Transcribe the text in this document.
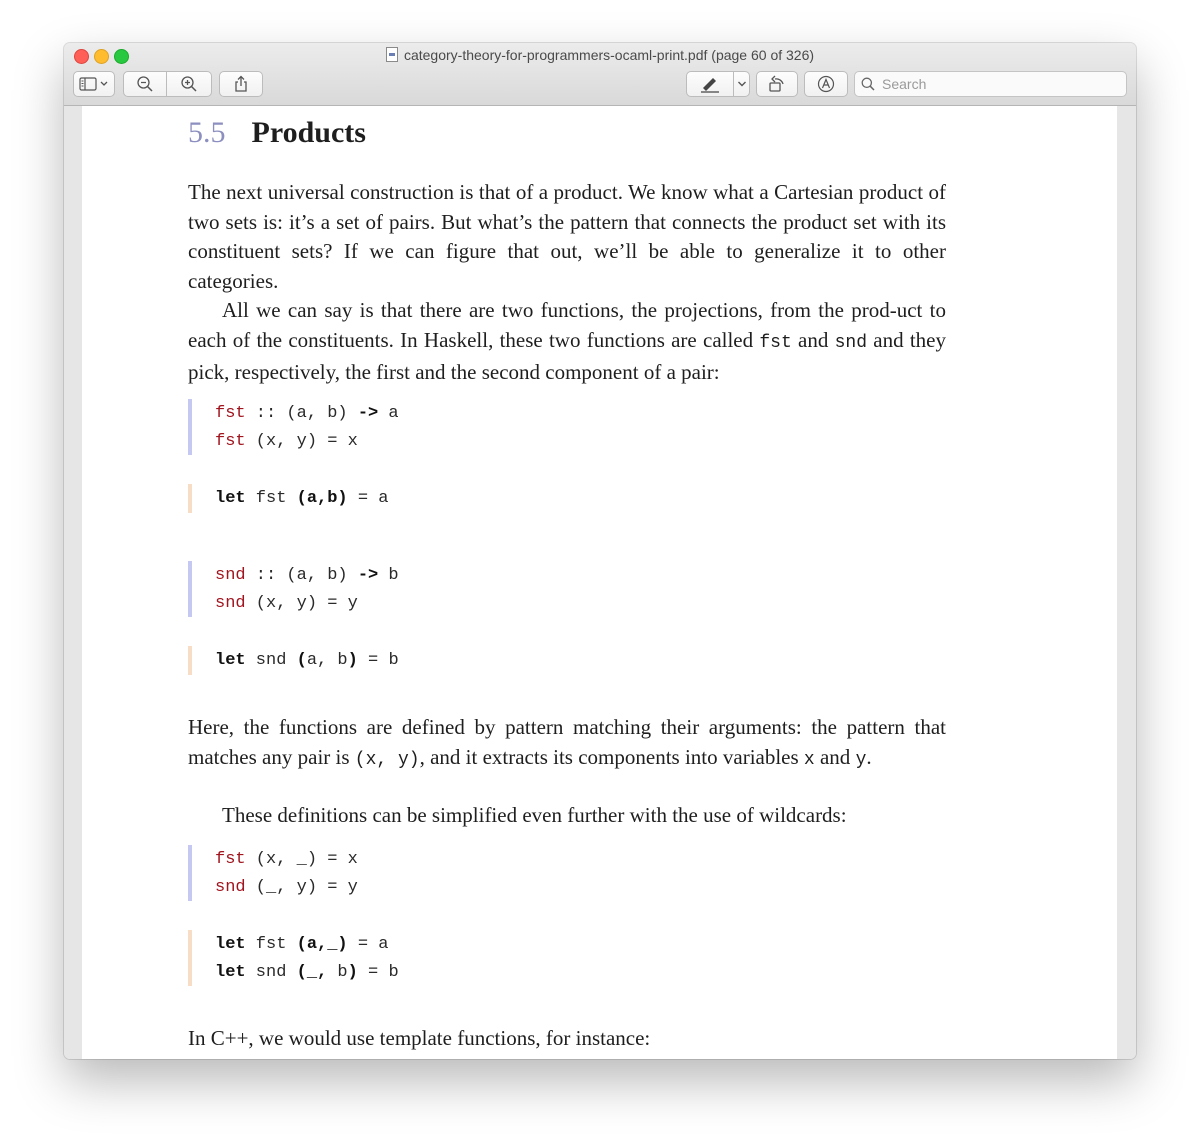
category-theory-for-programmers-ocaml-print.pdf (page 60 of 326)
Search
5.5 Products

The next universal construction is that of a product. We know what a Cartesian product of two sets is: it’s a set of pairs. But what’s the pattern that connects the product set with its constituent sets? If we can figure that out, we’ll be able to generalize it to other categories.

All we can say is that there are two functions, the projections, from the prod-uct to each of the constituents. In Haskell, these two functions are called fst and snd and they pick, respectively, the first and the second component of a pair:

fst :: (a, b) -> a
fst (x, y) = x
let fst (a,b) = a
snd :: (a, b) -> b
snd (x, y) = y
let snd (a, b) = b

Here, the functions are defined by pattern matching their arguments: the pattern that matches any pair is (x, y), and it extracts its components into variables x and y.

These definitions can be simplified even further with the use of wildcards:

fst (x, _) = x
snd (_, y) = y
let fst (a,_) = a
let snd (_, b) = b

In C++, we would use template functions, for instance:
